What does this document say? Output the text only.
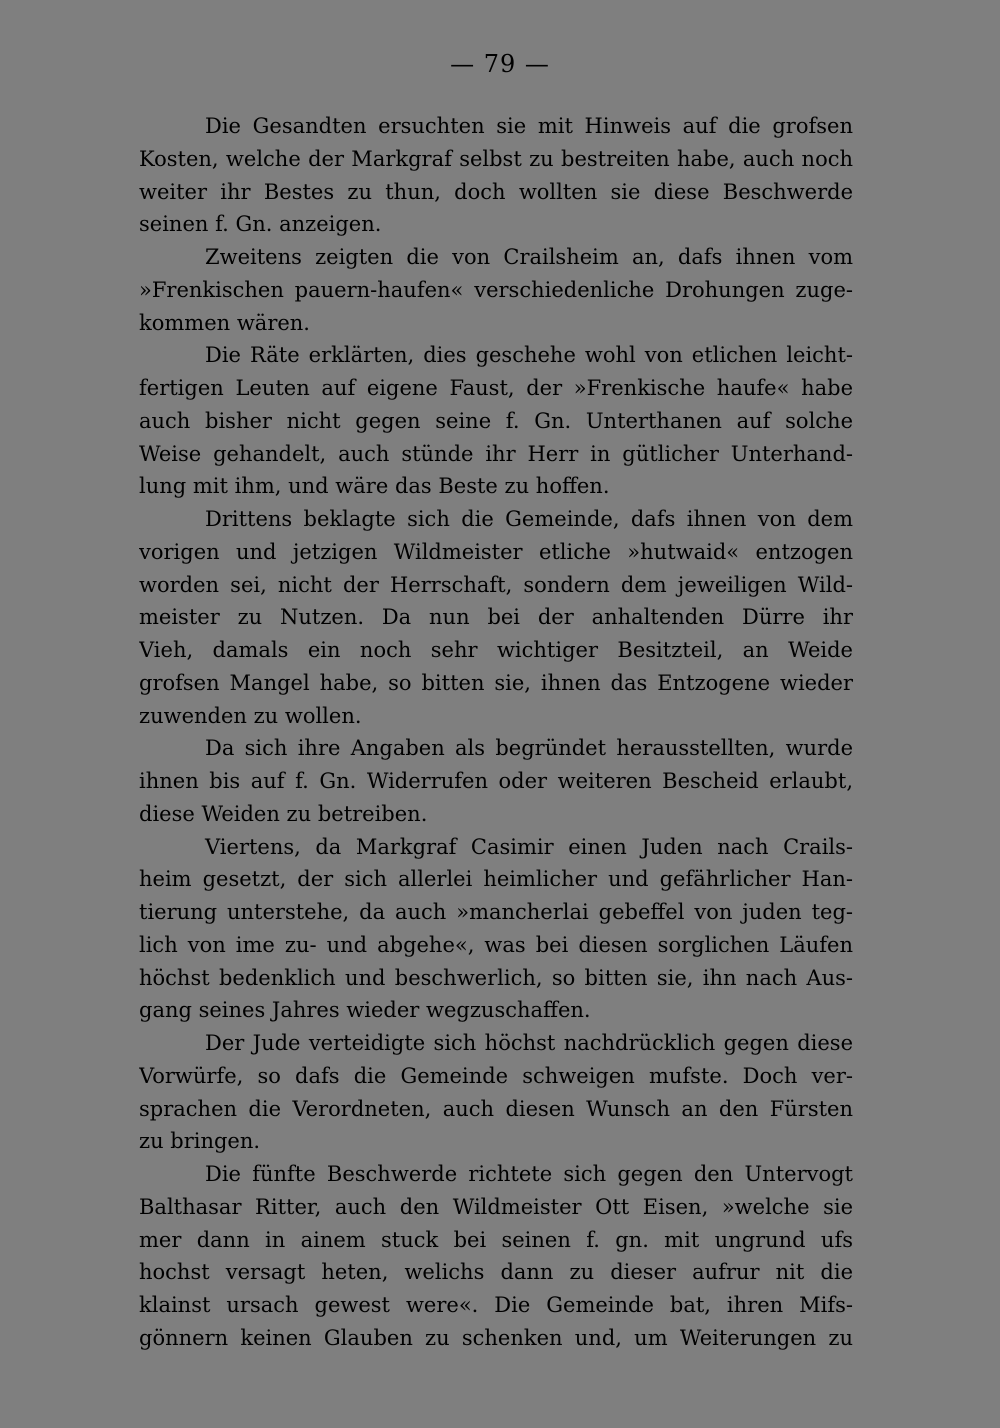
— 79 —
Die Gesandten ersuchten sie mit Hinweis auf die grofsen
Kosten, welche der Markgraf selbst zu bestreiten habe, auch noch
weiter ihr Bestes zu thun, doch wollten sie diese Beschwerde
seinen f. Gn. anzeigen.
Zweitens zeigten die von Crailsheim an, dafs ihnen vom
»Frenkischen pauern-haufen« verschiedenliche Drohungen zuge-
kommen wären.
Die Räte erklärten, dies geschehe wohl von etlichen leicht-
fertigen Leuten auf eigene Faust, der »Frenkische haufe« habe
auch bisher nicht gegen seine f. Gn. Unterthanen auf solche
Weise gehandelt, auch stünde ihr Herr in gütlicher Unterhand-
lung mit ihm, und wäre das Beste zu hoffen.
Drittens beklagte sich die Gemeinde, dafs ihnen von dem
vorigen und jetzigen Wildmeister etliche »hutwaid« entzogen
worden sei, nicht der Herrschaft, sondern dem jeweiligen Wild-
meister zu Nutzen. Da nun bei der anhaltenden Dürre ihr
Vieh, damals ein noch sehr wichtiger Besitzteil, an Weide
grofsen Mangel habe, so bitten sie, ihnen das Entzogene wieder
zuwenden zu wollen.
Da sich ihre Angaben als begründet herausstellten, wurde
ihnen bis auf f. Gn. Widerrufen oder weiteren Bescheid erlaubt,
diese Weiden zu betreiben.
Viertens, da Markgraf Casimir einen Juden nach Crails-
heim gesetzt, der sich allerlei heimlicher und gefährlicher Han-
tierung unterstehe, da auch »mancherlai gebeffel von juden teg-
lich von ime zu- und abgehe«, was bei diesen sorglichen Läufen
höchst bedenklich und beschwerlich, so bitten sie, ihn nach Aus-
gang seines Jahres wieder wegzuschaffen.
Der Jude verteidigte sich höchst nachdrücklich gegen diese
Vorwürfe, so dafs die Gemeinde schweigen mufste. Doch ver-
sprachen die Verordneten, auch diesen Wunsch an den Fürsten
zu bringen.
Die fünfte Beschwerde richtete sich gegen den Untervogt
Balthasar Ritter, auch den Wildmeister Ott Eisen, »welche sie
mer dann in ainem stuck bei seinen f. gn. mit ungrund ufs
hochst versagt heten, welichs dann zu dieser aufrur nit die
klainst ursach gewest were«. Die Gemeinde bat, ihren Mifs-
gönnern keinen Glauben zu schenken und, um Weiterungen zu
